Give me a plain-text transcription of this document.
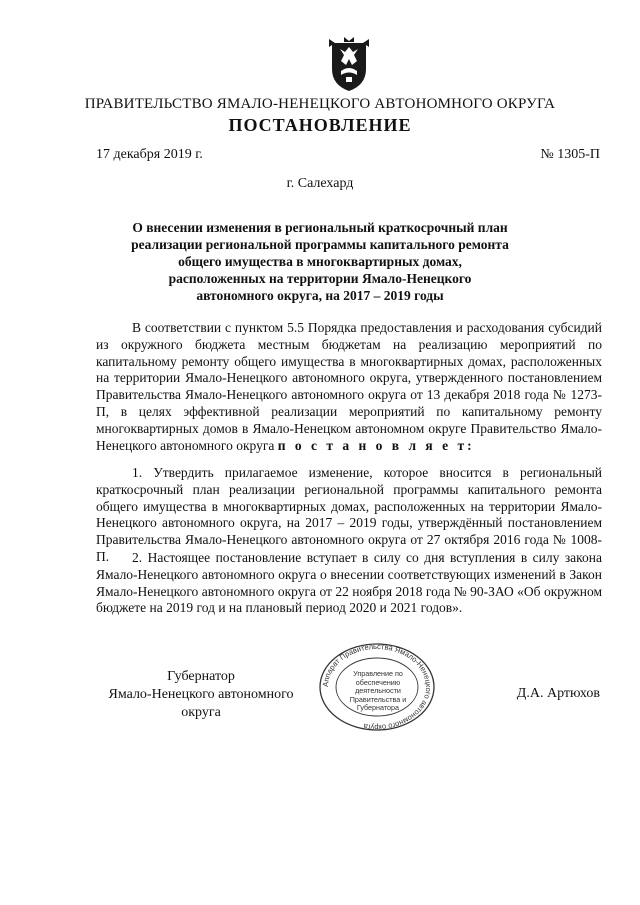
ПРАВИТЕЛЬСТВО ЯМАЛО-НЕНЕЦКОГО АВТОНОМНОГО ОКРУГА
ПОСТАНОВЛЕНИЕ
17 декабря 2019 г.	№ 1305-П
г. Салехард
О внесении изменения в региональный краткосрочный план реализации региональной программы капитального ремонта общего имущества в многоквартирных домах, расположенных на территории Ямало-Ненецкого автономного округа, на 2017 – 2019 годы

В соответствии с пунктом 5.5 Порядка предоставления и расходования субсидий из окружного бюджета местным бюджетам на реализацию мероприятий по капитальному ремонту общего имущества в многоквартирных домах, расположенных на территории Ямало-Ненецкого автономного округа, утвержденного постановлением Правительства Ямало-Ненецкого автономного округа от 13 декабря 2018 года № 1273-П, в целях эффективной реализации мероприятий по капитальному ремонту многоквартирных домов в Ямало-Ненецком автономном округе Правительство Ямало-Ненецкого автономного округа п о с т а н о в л я е т:

1. Утвердить прилагаемое изменение, которое вносится в региональный краткосрочный план реализации региональной программы капитального ремонта общего имущества в многоквартирных домах, расположенных на территории Ямало-Ненецкого автономного округа, на 2017 – 2019 годы, утверждённый постановлением Правительства Ямало-Ненецкого автономного округа от 27 октября 2016 года № 1008-П.	2. Настоящее постановление вступает в силу со дня вступления в силу закона Ямало-Ненецкого автономного округа о внесении соответствующих изменений в Закон Ямало-Ненецкого автономного округа от 22 ноября 2018 года № 90-ЗАО «Об окружном бюджете на 2019 год и на плановый период 2020 и 2021 годов».

Губернатор
Ямало-Ненецкого автономного округа
Аппарат Правительства Ямало-Ненецкого автономного округа
Управление по обеспечению деятельности Правительства и Губернатора
Д.А. Артюхов
